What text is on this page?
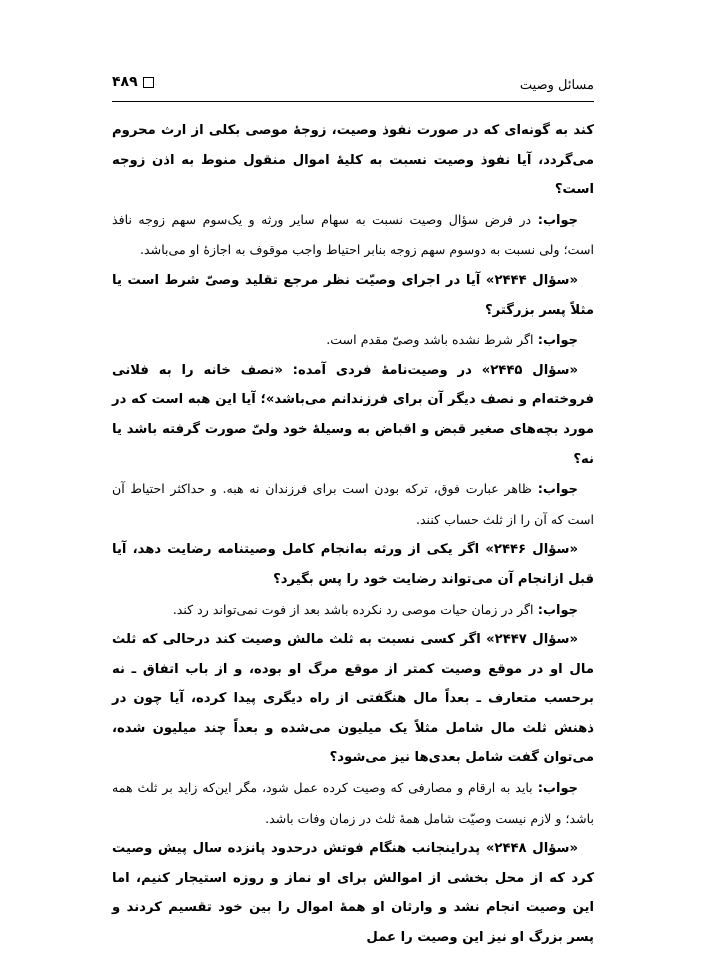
مسائل وصیت
۴۸۹

کند به گونه‌ای که در صورت نفوذ وصیت، زوجۀ موصی بکلی از ارث محروم می‌گردد، آیا نفوذ وصیت نسبت به کلیۀ اموال منقول منوط به اذن زوجه است؟

جواب: در فرض سؤال وصیت نسبت به سهام سایر ورثه و یک‌سوم سهم زوجه نافذ است؛ ولی نسبت به دوسوم سهم زوجه بنابر احتیاط واجب موقوف به اجازۀ او می‌باشد.

«سؤال ۲۴۴۴» آیا در اجرای وصیّت نظر مرجع تقلید وصیّ شرط است یا مثلاً پسر بزرگتر؟

جواب: اگر شرط نشده باشد وصیّ مقدم است.

«سؤال ۲۴۴۵» در وصیت‌نامۀ فردی آمده: «نصف خانه را به فلانی فروخته‌ام و نصف دیگر آن برای فرزندانم می‌باشد»؛ آیا این هبه است که در مورد بچه‌های صغیر قبض و اقباض به وسیلۀ خود ولیّ صورت گرفته باشد یا نه؟

جواب: ظاهر عبارت فوق، ترکه بودن است برای فرزندان نه هبه. و حداکثر احتیاط آن است که آن را از ثلث حساب کنند.

«سؤال ۲۴۴۶» اگر یکی از ورثه به‌انجام کامل وصیتنامه رضایت دهد، آیا قبل ازانجام آن می‌تواند رضایت خود را پس بگیرد؟

جواب: اگر در زمان حیات موصی رد نکرده باشد بعد از فوت نمی‌تواند رد کند.

«سؤال ۲۴۴۷» اگر کسی نسبت به ثلث مالش وصیت کند درحالی که ثلث مال او در موقع وصیت کمتر از موقع مرگ او بوده، و از باب اتفاق ـ نه برحسب متعارف ـ بعداً مال هنگفتی از راه دیگری پیدا کرده، آیا چون در ذهنش ثلث مال شامل مثلاً یک میلیون می‌شده و بعداً چند میلیون شده، می‌توان گفت شامل بعدی‌ها نیز می‌شود؟

جواب: باید به ارقام و مصارفی که وصیت کرده عمل شود، مگر این‌که زاید بر ثلث همه باشد؛ و لازم نیست وصیّت شامل همۀ ثلث در زمان وفات باشد.

«سؤال ۲۴۴۸» پدراینجانب هنگام فوتش درحدود پانزده سال پیش وصیت کرد که از محل بخشی از اموالش برای او نماز و روزه استیجار کنیم، اما این وصیت انجام نشد و وارثان او همۀ اموال را بین خود تقسیم کردند و پسر بزرگ او نیز این وصیت را عمل
